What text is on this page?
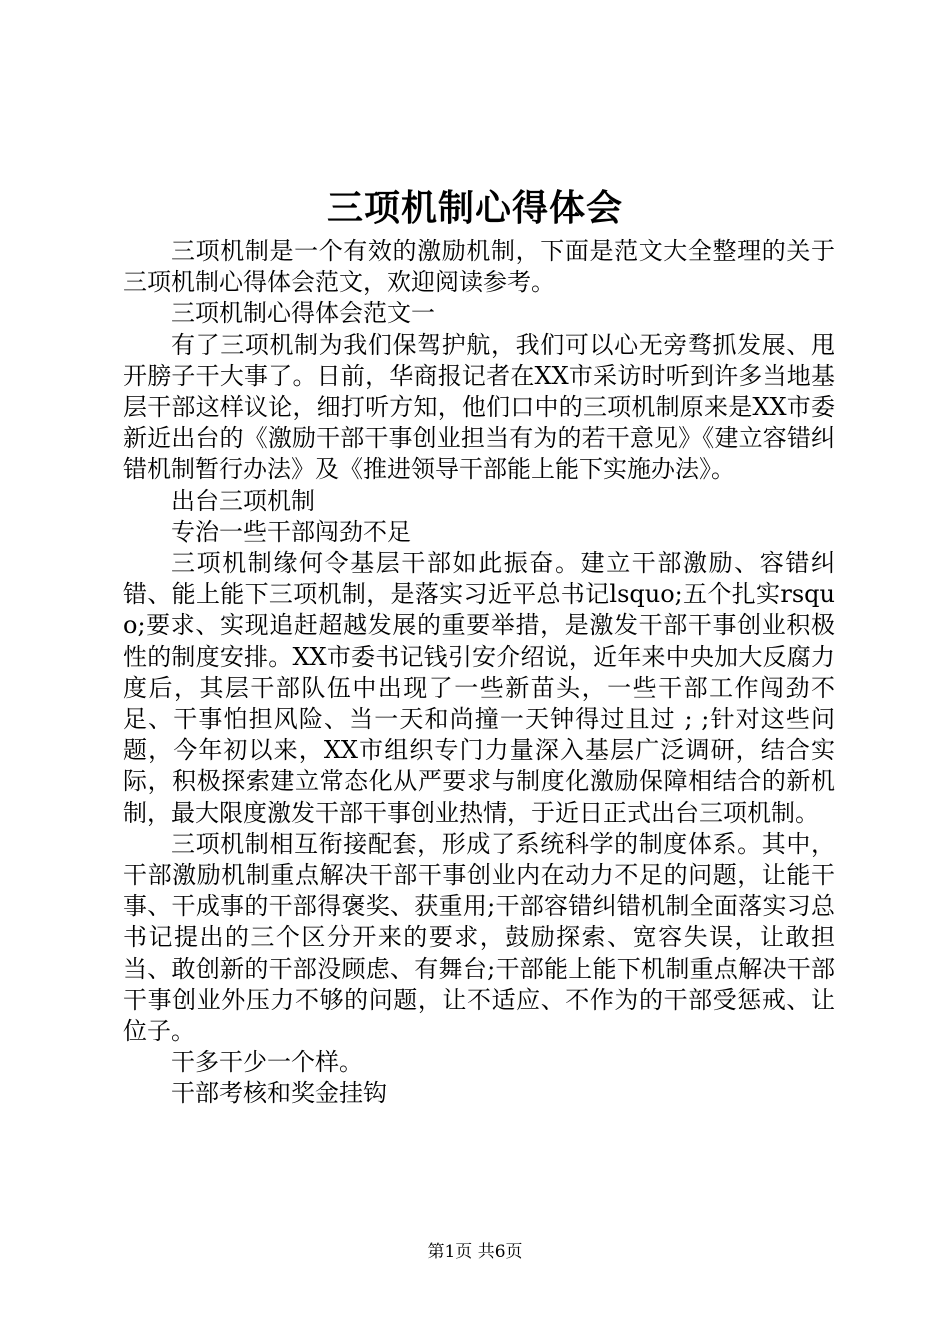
三项机制心得体会

三项机制是一个有效的激励机制，下面是范文大全整理的关于三项机制心得体会范文，欢迎阅读参考。

三项机制心得体会范文一

有了三项机制为我们保驾护航，我们可以心无旁骛抓发展、甩开膀子干大事了。日前，华商报记者在XX市采访时听到许多当地基层干部这样议论，细打听方知，他们口中的三项机制原来是XX市委新近出台的《激励干部干事创业担当有为的若干意见》《建立容错纠错机制暂行办法》及《推进领导干部能上能下实施办法》。

出台三项机制

专治一些干部闯劲不足

三项机制缘何令基层干部如此振奋。建立干部激励、容错纠错、能上能下三项机制，是落实习近平总书记lsquo;五个扎实rsquo;要求、实现追赶超越发展的重要举措，是激发干部干事创业积极性的制度安排。XX市委书记钱引安介绍说，近年来中央加大反腐力度后，其层干部队伍中出现了一些新苗头，一些干部工作闯劲不足、干事怕担风险、当一天和尚撞一天钟得过且过 ; ;针对这些问题，今年初以来，XX市组织专门力量深入基层广泛调研，结合实际，积极探索建立常态化从严要求与制度化激励保障相结合的新机制，最大限度激发干部干事创业热情，于近日正式出台三项机制。

三项机制相互衔接配套，形成了系统科学的制度体系。其中，干部激励机制重点解决干部干事创业内在动力不足的问题，让能干事、干成事的干部得褒奖、获重用;干部容错纠错机制全面落实习总书记提出的三个区分开来的要求，鼓励探索、宽容失误，让敢担当、敢创新的干部没顾虑、有舞台;干部能上能下机制重点解决干部干事创业外压力不够的问题，让不适应、不作为的干部受惩戒、让位子。

干多干少一个样。

干部考核和奖金挂钩

第1页 共6页
